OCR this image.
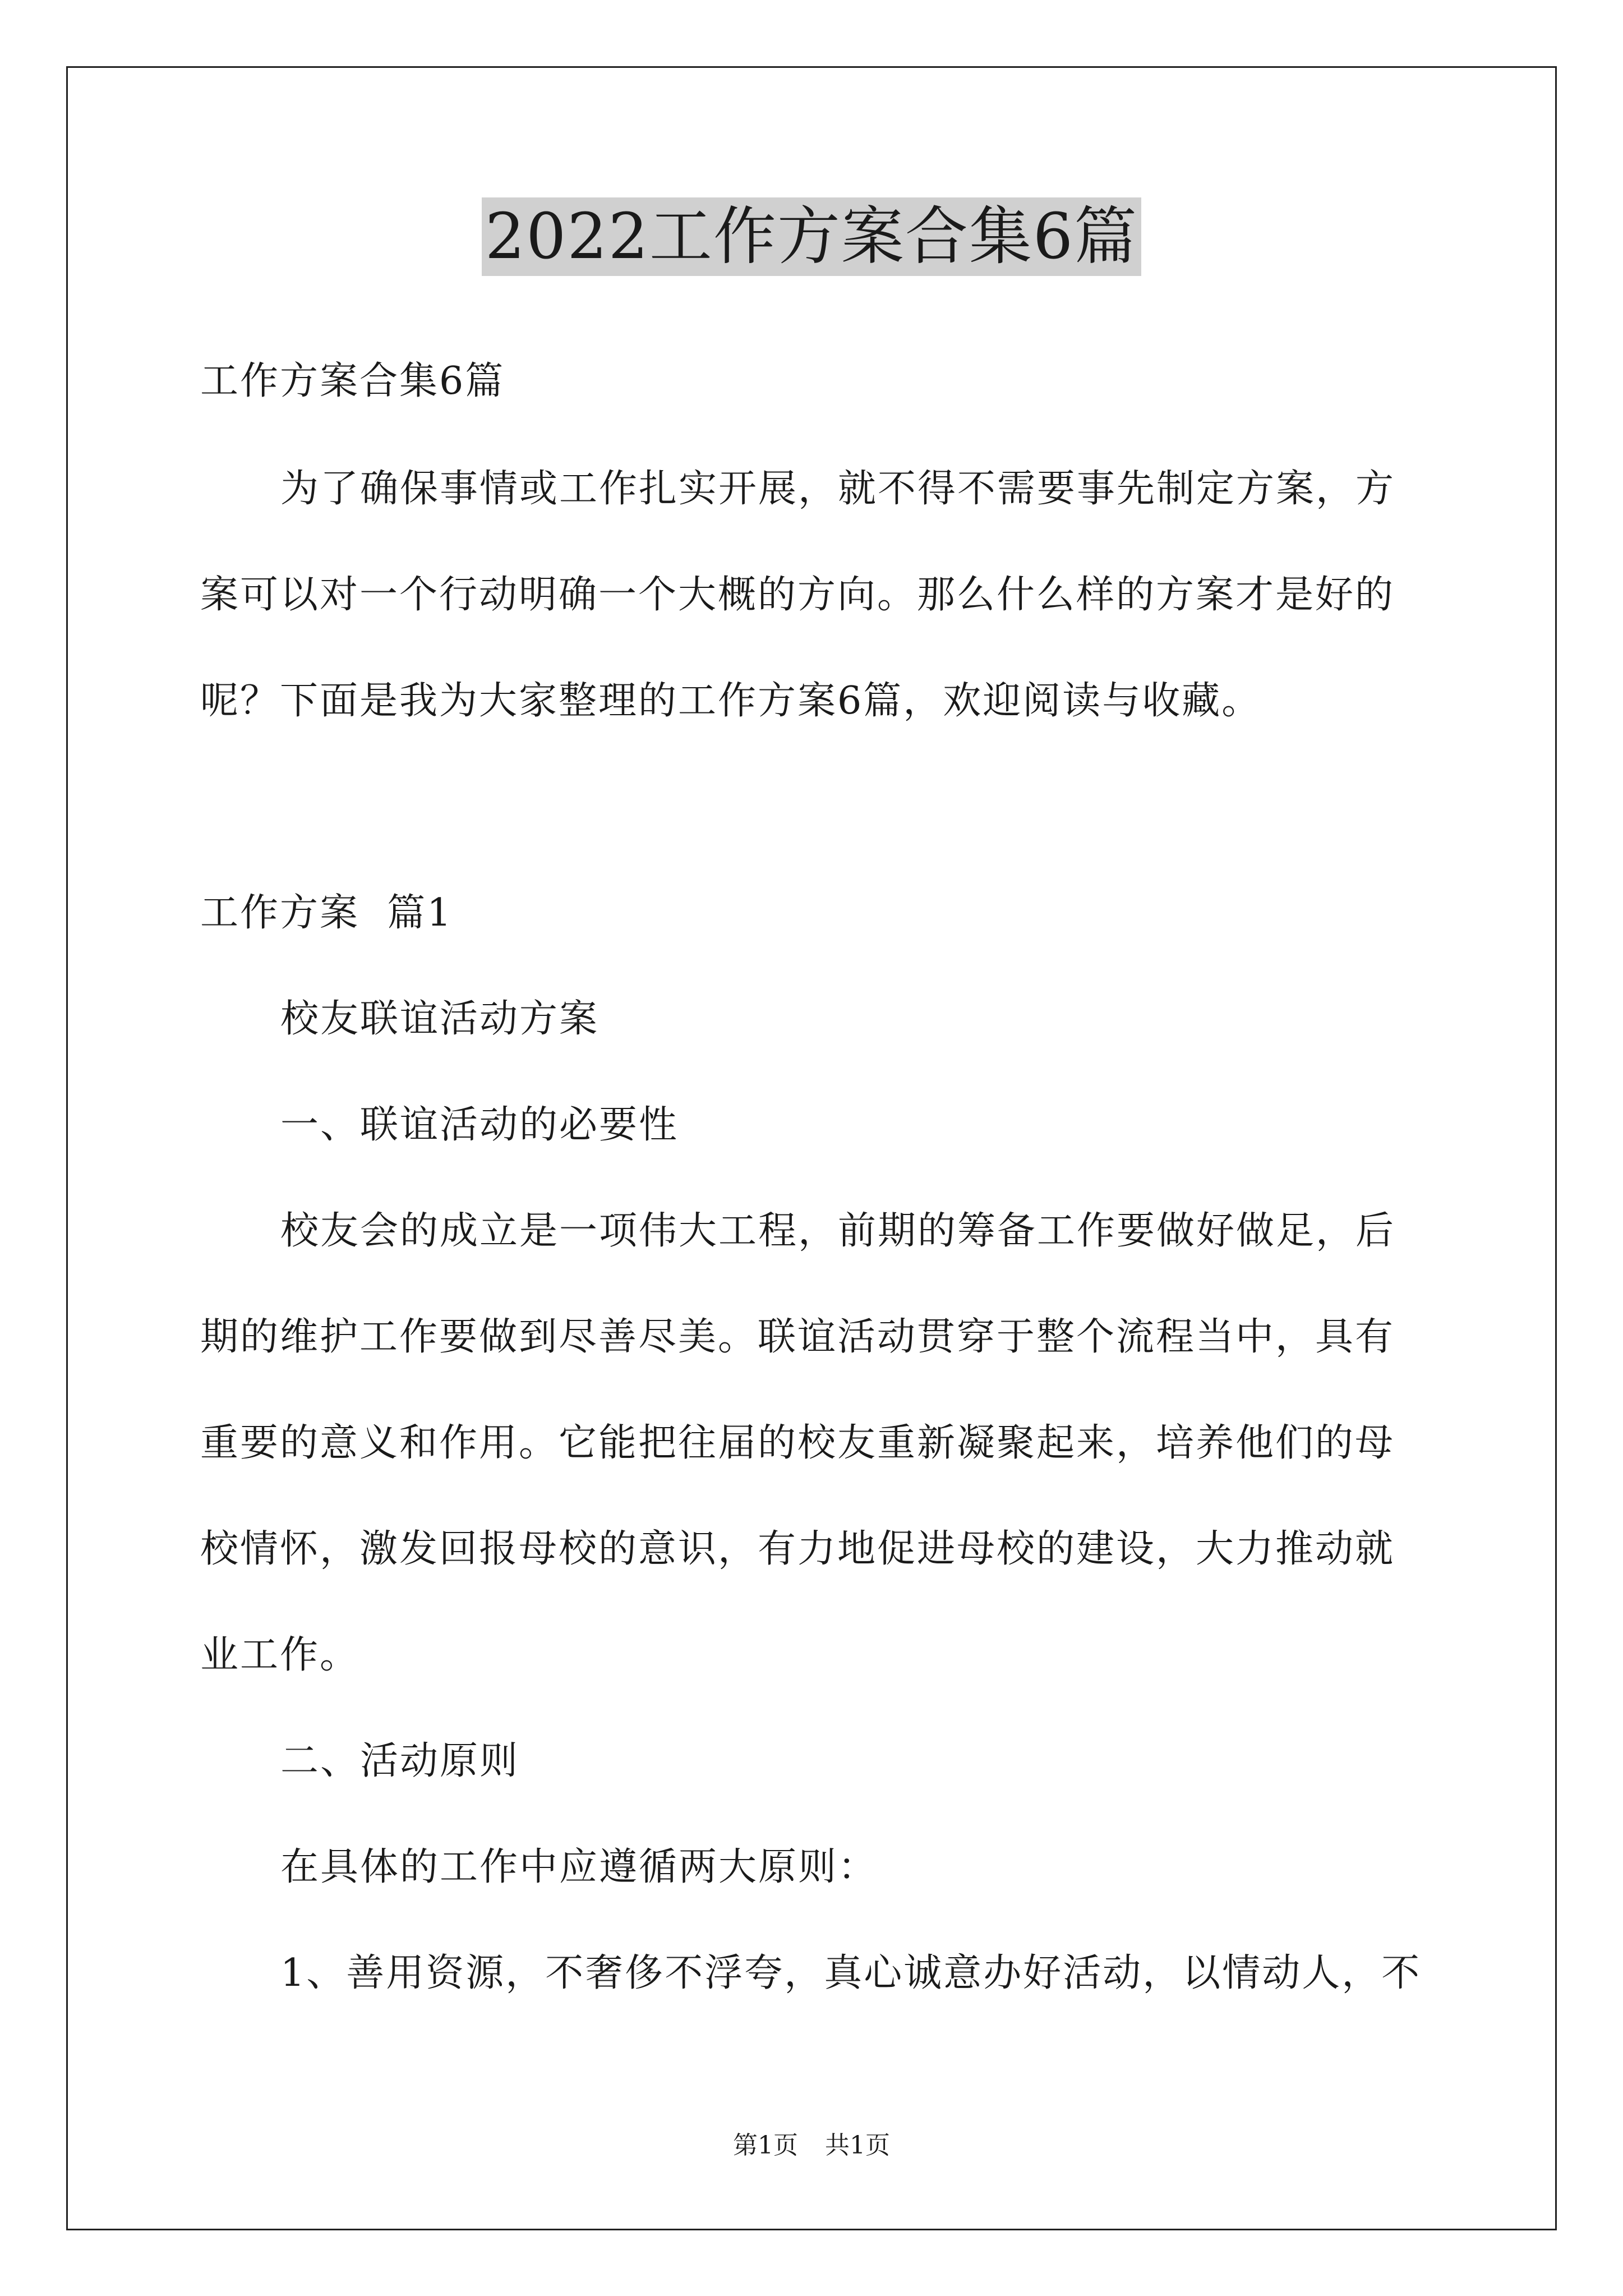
2022工作方案合集6篇
工作方案合集6篇
为了确保事情或工作扎实开展，就不得不需要事先制定方案，方
案可以对一个行动明确一个大概的方向。那么什么样的方案才是好的
呢？下面是我为大家整理的工作方案6篇，欢迎阅读与收藏。
工作方案  篇1
校友联谊活动方案
一、联谊活动的必要性
校友会的成立是一项伟大工程，前期的筹备工作要做好做足，后
期的维护工作要做到尽善尽美。联谊活动贯穿于整个流程当中，具有
重要的意义和作用。它能把往届的校友重新凝聚起来，培养他们的母
校情怀，激发回报母校的意识，有力地促进母校的建设，大力推动就
业工作。
二、活动原则
在具体的工作中应遵循两大原则：
1、善用资源，不奢侈不浮夸，真心诚意办好活动，以情动人，不
第1页 共1页
